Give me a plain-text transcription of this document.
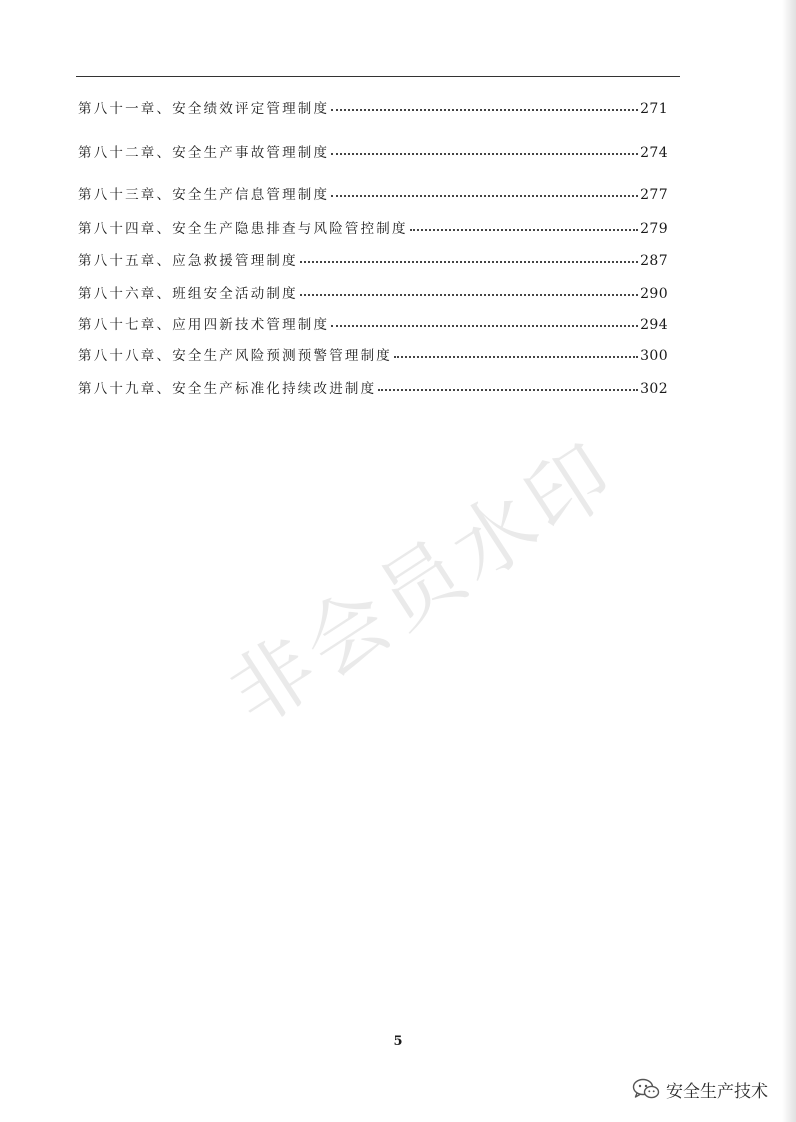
第八十一章、安全绩效评定管理制度	271
第八十二章、安全生产事故管理制度	274
第八十三章、安全生产信息管理制度	277
第八十四章、安全生产隐患排查与风险管控制度	279
第八十五章、应急救援管理制度	287
第八十六章、班组安全活动制度	290
第八十七章、应用四新技术管理制度	294
第八十八章、安全生产风险预测预警管理制度	300
第八十九章、安全生产标准化持续改进制度	302
非会员水印
5
安全生产技术
